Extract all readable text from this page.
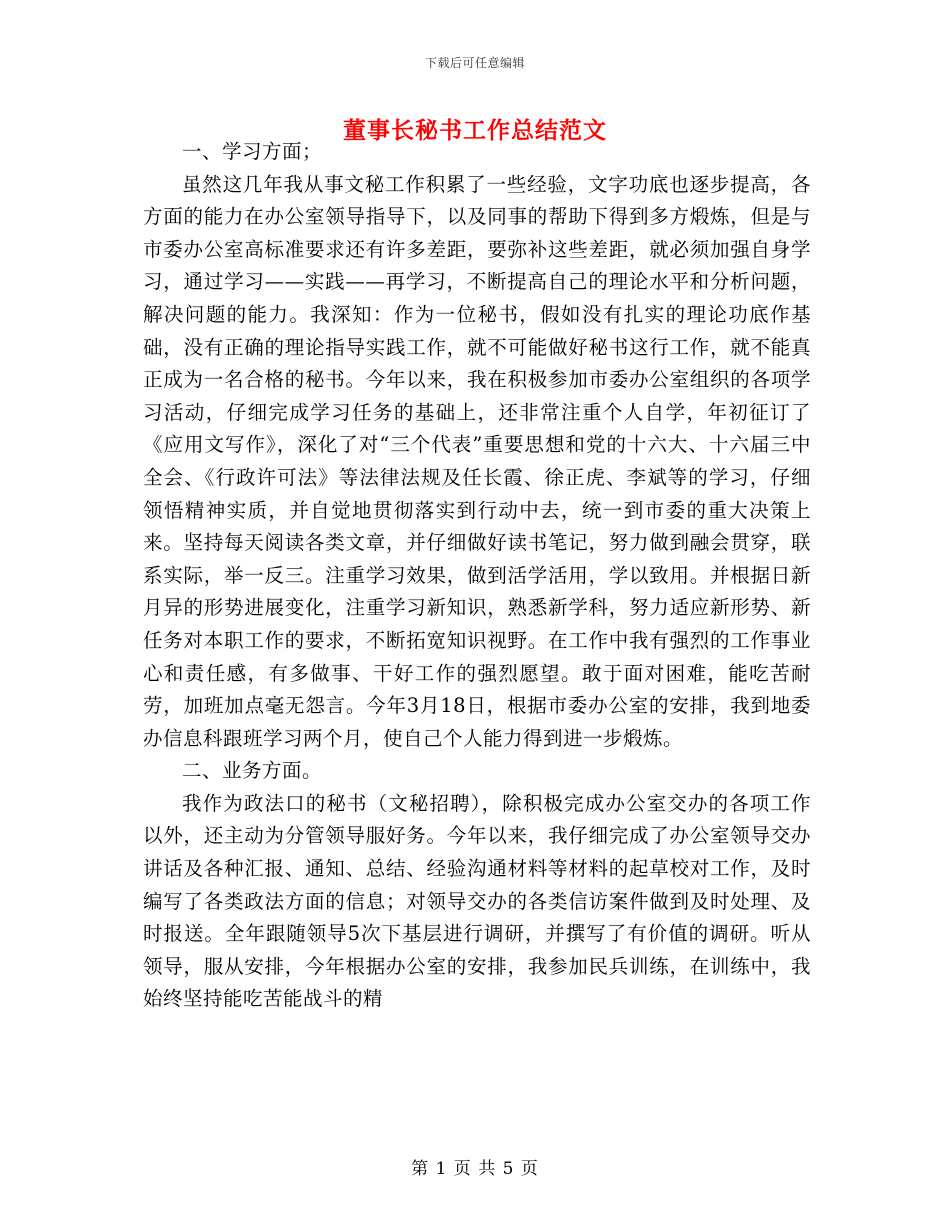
下载后可任意编辑
董事长秘书工作总结范文

一、学习方面；

虽然这几年我从事文秘工作积累了一些经验，文字功底也逐步提高，各方面的能力在办公室领导指导下，以及同事的帮助下得到多方煅炼，但是与市委办公室高标准要求还有许多差距，要弥补这些差距，就必须加强自身学习，通过学习——实践——再学习，不断提高自己的理论水平和分析问题，解决问题的能力。我深知：作为一位秘书，假如没有扎实的理论功底作基础，没有正确的理论指导实践工作，就不可能做好秘书这行工作，就不能真正成为一名合格的秘书。今年以来，我在积极参加市委办公室组织的各项学习活动，仔细完成学习任务的基础上，还非常注重个人自学，年初征订了《应用文写作》，深化了对“三个代表”重要思想和党的十六大、十六届三中全会、《行政许可法》等法律法规及任长霞、徐正虎、李斌等的学习，仔细领悟精神实质，并自觉地贯彻落实到行动中去，统一到市委的重大决策上来。坚持每天阅读各类文章，并仔细做好读书笔记，努力做到融会贯穿，联系实际，举一反三。注重学习效果，做到活学活用，学以致用。并根据日新月异的形势进展变化，注重学习新知识，熟悉新学科，努力适应新形势、新任务对本职工作的要求，不断拓宽知识视野。在工作中我有强烈的工作事业心和责任感，有多做事、干好工作的强烈愿望。敢于面对困难，能吃苦耐劳，加班加点毫无怨言。今年3月18日，根据市委办公室的安排，我到地委办信息科跟班学习两个月，使自己个人能力得到进一步煅炼。

二、业务方面。

我作为政法口的秘书（文秘招聘），除积极完成办公室交办的各项工作以外，还主动为分管领导服好务。今年以来，我仔细完成了办公室领导交办讲话及各种汇报、通知、总结、经验沟通材料等材料的起草校对工作，及时编写了各类政法方面的信息；对领导交办的各类信访案件做到及时处理、及时报送。全年跟随领导5次下基层进行调研，并撰写了有价值的调研。听从领导，服从安排，今年根据办公室的安排，我参加民兵训练，在训练中，我始终坚持能吃苦能战斗的精

第 1 页 共 5 页
